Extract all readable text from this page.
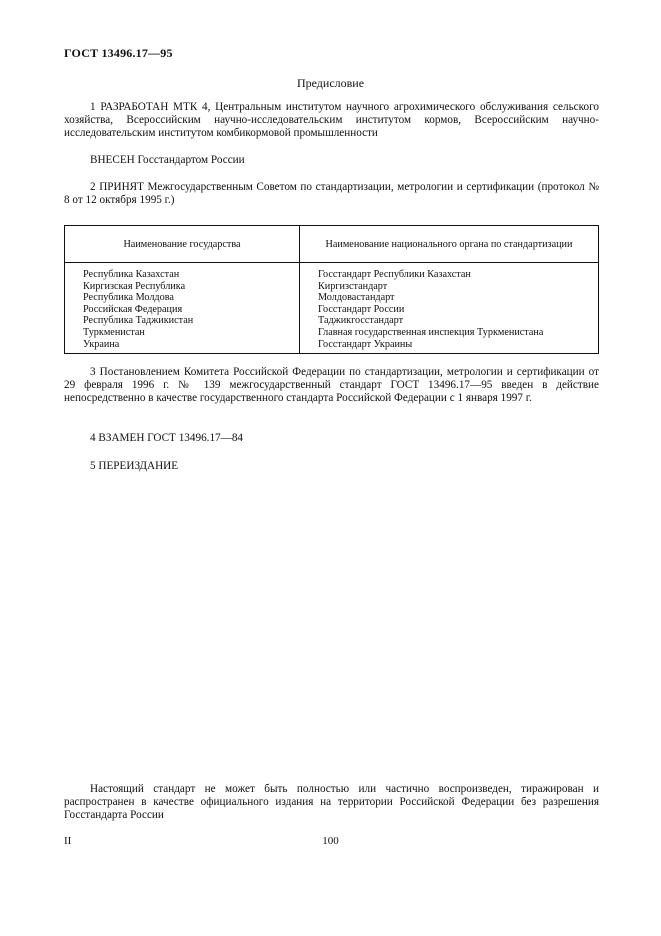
ГОСТ 13496.17—95
Предисловие
1 РАЗРАБОТАН МТК 4, Центральным институтом научного агрохимического обслуживания сельского хозяйства, Всероссийским научно-исследовательским институтом кормов, Всероссийским научно-исследовательским институтом комбикормовой промышленности
ВНЕСЕН Госстандартом России
2 ПРИНЯТ Межгосударственным Советом по стандартизации, метрологии и сертификации (протокол № 8 от 12 октября 1995 г.)
Наименование государства	Наименование национального органа по стандартизации
Республика Казахстан
Киргизская Республика
Республика Молдова
Российская Федерация
Республика Таджикистан
Туркменистан
Украина
Госстандарт Республики Казахстан
Киргизстандарт
Молдовастандарт
Госстандарт России
Таджикгосстандарт
Главная государственная инспекция Туркменистана
Госстандарт Украины
3 Постановлением Комитета Российской Федерации по стандартизации, метрологии и сертификации от 29 февраля 1996 г. № 139 межгосударственный стандарт ГОСТ 13496.17—95 введен в действие непосредственно в качестве государственного стандарта Российской Федерации с 1 января 1997 г.
4 ВЗАМЕН ГОСТ 13496.17—84
5 ПЕРЕИЗДАНИЕ
Настоящий стандарт не может быть полностью или частично воспроизведен, тиражирован и распространен в качестве официального издания на территории Российской Федерации без разрешения Госстандарта России
II	100
